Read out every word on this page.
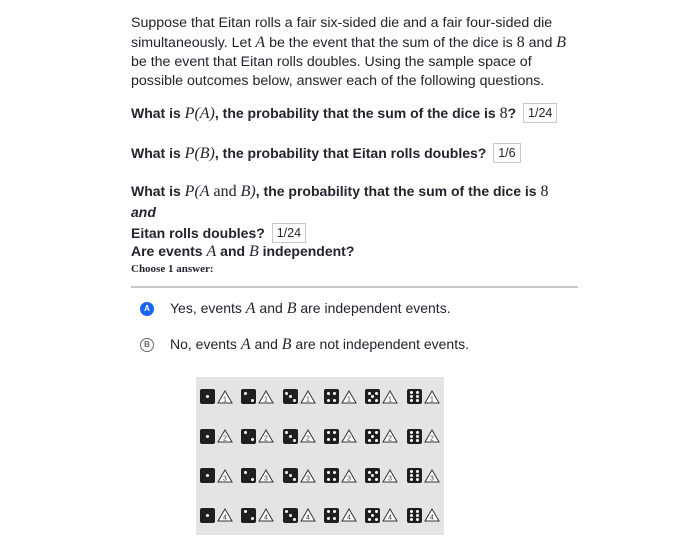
Suppose that Eitan rolls a fair six-sided die and a fair four-sided die simultaneously. Let A be the event that the sum of the dice is 8 and B be the event that Eitan rolls doubles. Using the sample space of possible outcomes below, answer each of the following questions.

What is P(A), the probability that the sum of the dice is 8? 1/24

What is P(B), the probability that Eitan rolls doubles? 1/6

What is P(A and B), the probability that the sum of the dice is 8 and
Eitan rolls doubles? 1/24

Are events A and B independent?

Choose 1 answer:
A Yes, events A and B are independent events.
B No, events A and B are not independent events.
1	1	1	1	1	1
2	2	2	2	2	2
3	3	3	3	3	3
4	4	4	4	4	4
